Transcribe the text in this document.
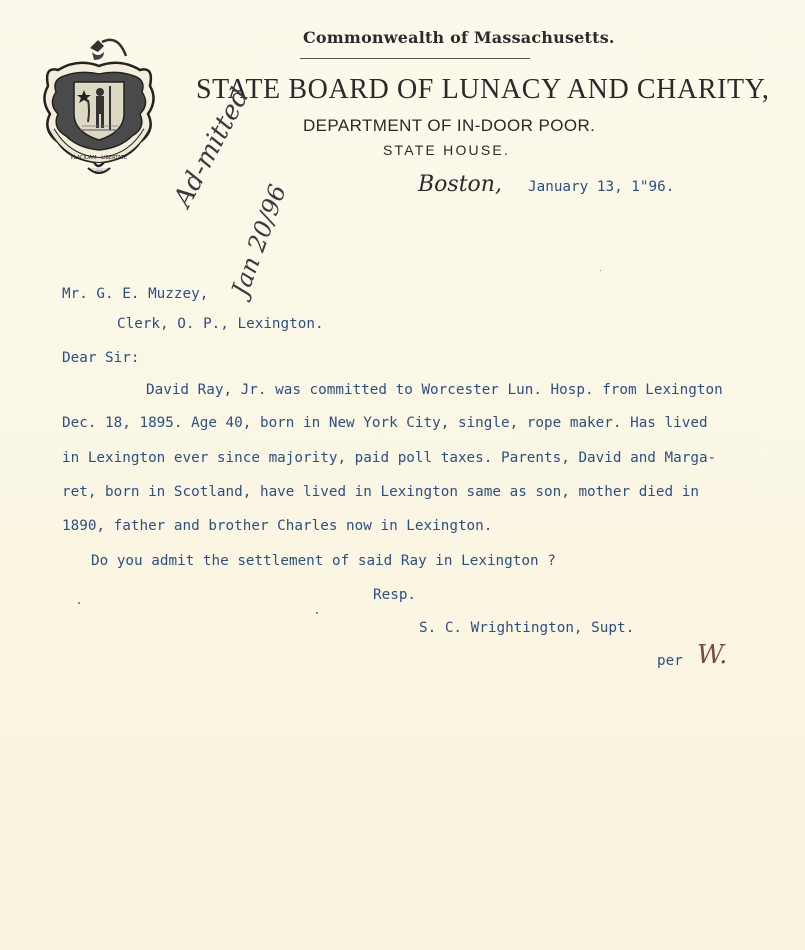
PLACIDAM · LIBERTATE
SEP
Commonwealth of Massachusetts.
STATE BOARD OF LUNACY AND CHARITY,
DEPARTMENT OF IN-DOOR POOR.
STATE HOUSE.
Boston, January 13, 1"96.
Ad-mitted
Jan 20/96
Mr. G. E. Muzzey,
Clerk, O. P., Lexington.
Dear Sir:
David Ray, Jr. was committed to Worcester Lun. Hosp. from Lexington
Dec. 18, 1895. Age 40, born in New York City, single, rope maker. Has lived
in Lexington ever since majority, paid poll taxes. Parents, David and Marga-
ret, born in Scotland, have lived in Lexington same as son, mother died in
1890, father and brother Charles now in Lexington.
Do you admit the settlement of said Ray in Lexington ?
Resp.
S. C. Wrightington, Supt.
per W.
